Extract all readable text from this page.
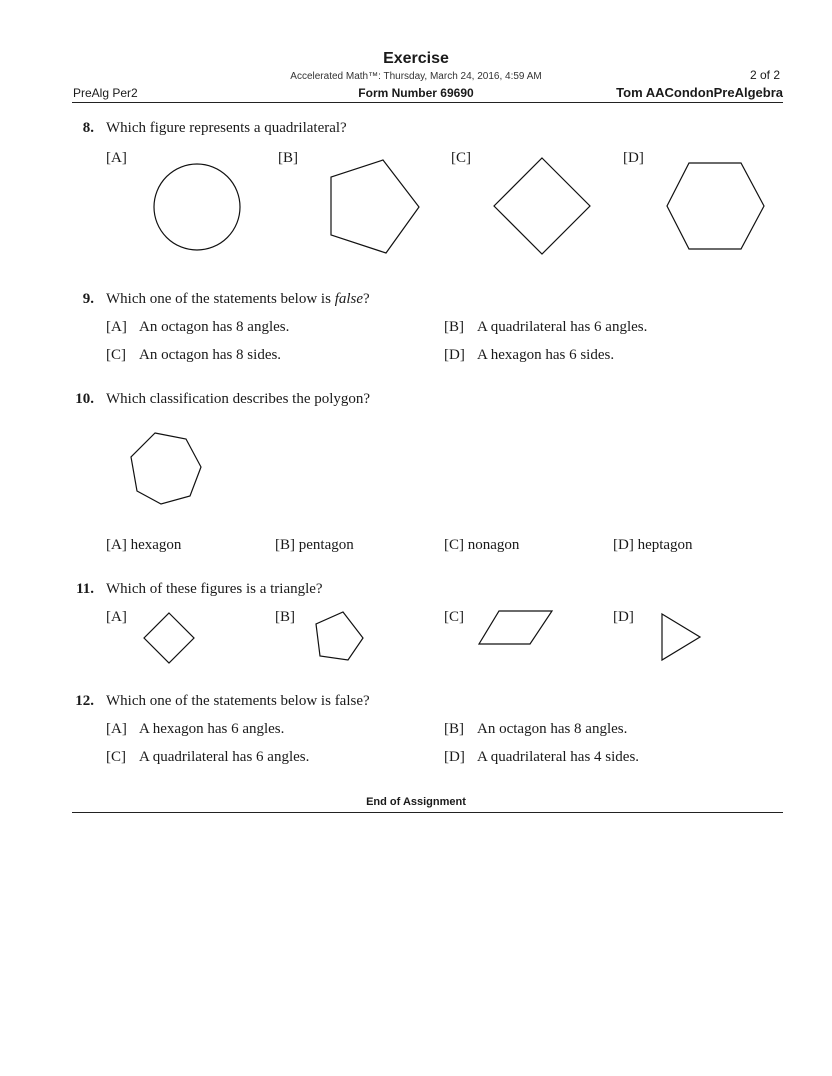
Exercise
Accelerated Math™: Thursday, March 24, 2016, 4:59 AM	2 of 2
PreAlg Per2	Form Number 69690	Tom AACondonPreAlgebra
8. Which figure represents a quadrilateral?
[A]	[B]	[C]	[D]
9. Which one of the statements below is false?
[A] An octagon has 8 angles.	[B] A quadrilateral has 6 angles.
[C] An octagon has 8 sides.	[D] A hexagon has 6 sides.
10. Which classification describes the polygon?
[A] hexagon	[B] pentagon	[C] nonagon	[D] heptagon
11. Which of these figures is a triangle?
[A]	[B]	[C]	[D]
12. Which one of the statements below is false?
[A] A hexagon has 6 angles.	[B] An octagon has 8 angles.
[C] A quadrilateral has 6 angles.	[D] A quadrilateral has 4 sides.
End of Assignment
